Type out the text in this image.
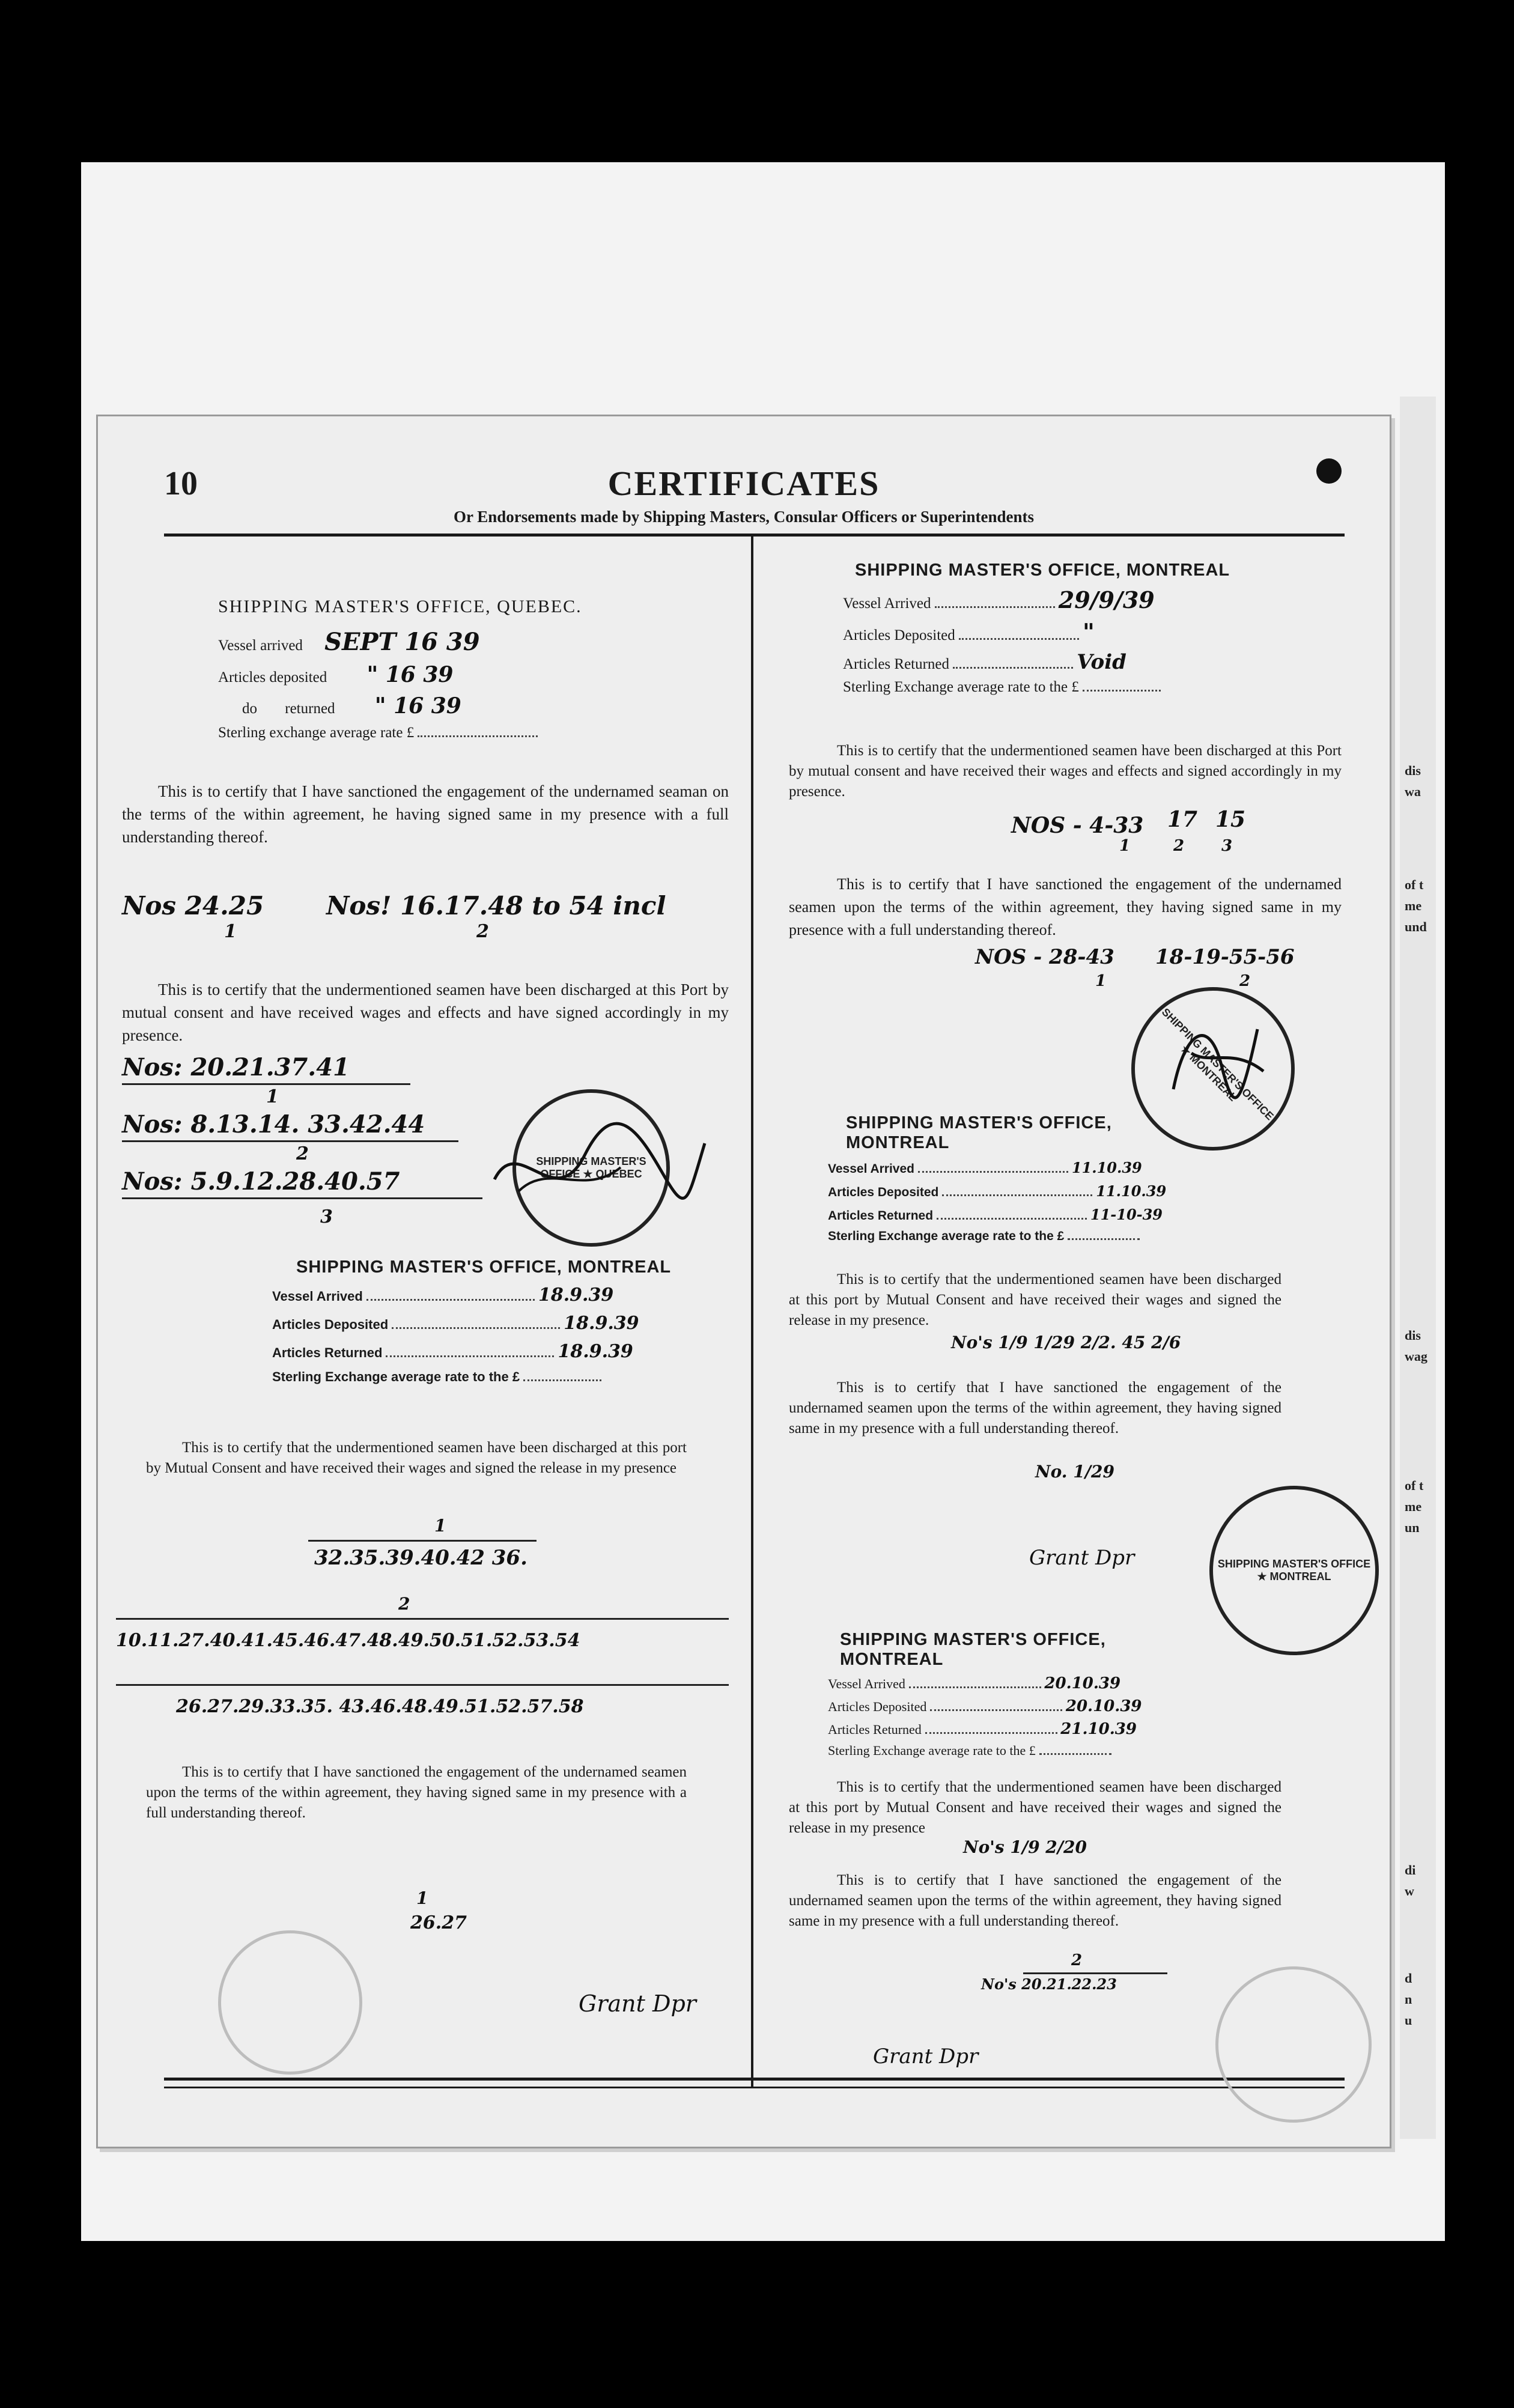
dis
wa
of t
me
und
dis
wag
of t
me
un
di
w
d
n
u
10	CERTIFICATES
Or Endorsements made by Shipping Masters, Consular Officers or Superintendents
SHIPPING MASTER'S OFFICE, QUEBEC.
Vessel arrived SEPT 16 39
Articles deposited " 16 39
do returned " 16 39
Sterling exchange average rate £
This is to certify that I have sanctioned the engagement of the undernamed seaman on the terms of the within agreement, he having signed same in my presence with a full understanding thereof.
Nos 24.25 Nos! 16.17.48 to 54 incl
1	2
This is to certify that the undermentioned seamen have been discharged at this Port by mutual consent and have received wages and effects and have signed accordingly in my presence.
Nos: 20.21.37.41
1
Nos: 8.13.14. 33.42.44
2
Nos: 5.9.12.28.40.57
3
SHIPPING MASTER'S OFFICE ★ QUEBEC
SHIPPING MASTER'S OFFICE, MONTREAL
Vessel Arrived	18.9.39
Articles Deposited	18.9.39
Articles Returned	18.9.39
Sterling Exchange average rate to the £
This is to certify that the undermentioned seamen have been discharged at this port by Mutual Consent and have received their wages and signed the release in my presence
1
32.35.39.40.42 36.
2
10.11.27.40.41.45.46.47.48.49.50.51.52.53.54
26.27.29.33.35. 43.46.48.49.51.52.57.58
This is to certify that I have sanctioned the engagement of the undernamed seamen upon the terms of the within agreement, they having signed same in my presence with a full understanding thereof.
1
26.27
Grant Dpr
SHIPPING MASTER'S OFFICE, MONTREAL
Vessel Arrived	29/9/39
Articles Deposited	"
Articles Returned	Void
Sterling Exchange average rate to the £
This is to certify that the undermentioned seamen have been discharged at this Port by mutual consent and have received their wages and effects and signed accordingly in my presence.
NOS - 4-33 17 15
1	2 3
This is to certify that I have sanctioned the engagement of the undernamed seamen upon the terms of the within agreement, they having signed same in my presence with a full understanding thereof.
NOS - 28-43 18-19-55-56
1	2
SHIPPING MASTER'S OFFICE ★ MONTREAL
SHIPPING MASTER'S OFFICE, MONTREAL
Vessel Arrived	11.10.39
Articles Deposited	11.10.39
Articles Returned	11-10-39
Sterling Exchange average rate to the £
This is to certify that the undermentioned seamen have been discharged at this port by Mutual Consent and have received their wages and signed the release in my presence.
No's 1/9 1/29 2/2. 45 2/6
This is to certify that I have sanctioned the engagement of the undernamed seamen upon the terms of the within agreement, they having signed same in my presence with a full understanding thereof.
No. 1/29
SHIPPING MASTER'S OFFICE ★ MONTREAL
Grant Dpr
SHIPPING MASTER'S OFFICE, MONTREAL
Vessel Arrived	20.10.39
Articles Deposited	20.10.39
Articles Returned	21.10.39
Sterling Exchange average rate to the £
This is to certify that the undermentioned seamen have been discharged at this port by Mutual Consent and have received their wages and signed the release in my presence
No's 1/9 2/20
This is to certify that I have sanctioned the engagement of the undernamed seamen upon the terms of the within agreement, they having signed same in my presence with a full understanding thereof.
2
No's 20.21.22.23
Grant Dpr
